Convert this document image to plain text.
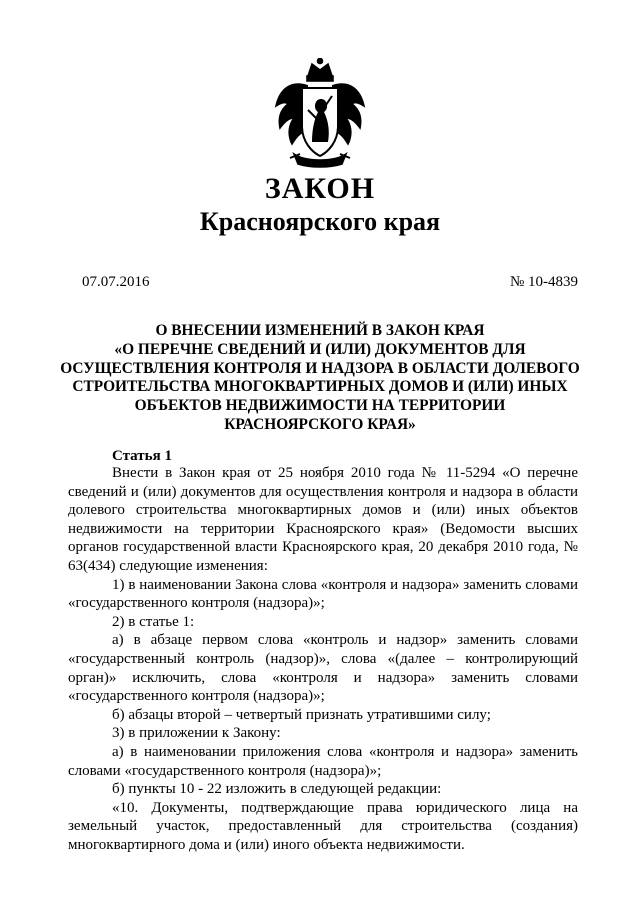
ЗАКОН
Красноярского края
07.07.2016	№ 10-4839
О ВНЕСЕНИИ ИЗМЕНЕНИЙ В ЗАКОН КРАЯ
«О ПЕРЕЧНЕ СВЕДЕНИЙ И (ИЛИ) ДОКУМЕНТОВ ДЛЯ
ОСУЩЕСТВЛЕНИЯ КОНТРОЛЯ И НАДЗОРА В ОБЛАСТИ ДОЛЕВОГО
СТРОИТЕЛЬСТВА МНОГОКВАРТИРНЫХ ДОМОВ И (ИЛИ) ИНЫХ
ОБЪЕКТОВ НЕДВИЖИМОСТИ НА ТЕРРИТОРИИ
КРАСНОЯРСКОГО КРАЯ»
Статья 1

Внести в Закон края от 25 ноября 2010 года № 11-5294 «О перечне сведений и (или) документов для осуществления контроля и надзора в области долевого строительства многоквартирных домов и (или) иных объектов недвижимости на территории Красноярского края» (Ведомости высших органов государственной власти Красноярского края, 20 декабря 2010 года, № 63(434) следующие изменения:

1) в наименовании Закона слова «контроля и надзора» заменить словами «государственного контроля (надзора)»;

2) в статье 1:

а) в абзаце первом слова «контроль и надзор» заменить словами «государственный контроль (надзор)», слова «(далее – контролирующий орган)» исключить, слова «контроля и надзора» заменить словами «государственного контроля (надзора)»;

б) абзацы второй – четвертый признать утратившими силу;

3) в приложении к Закону:

а) в наименовании приложения слова «контроля и надзора» заменить словами «государственного контроля (надзора)»;

б) пункты 10 - 22 изложить в следующей редакции:

«10. Документы, подтверждающие права юридического лица на земельный участок, предоставленный для строительства (создания) многоквартирного дома и (или) иного объекта недвижимости.
